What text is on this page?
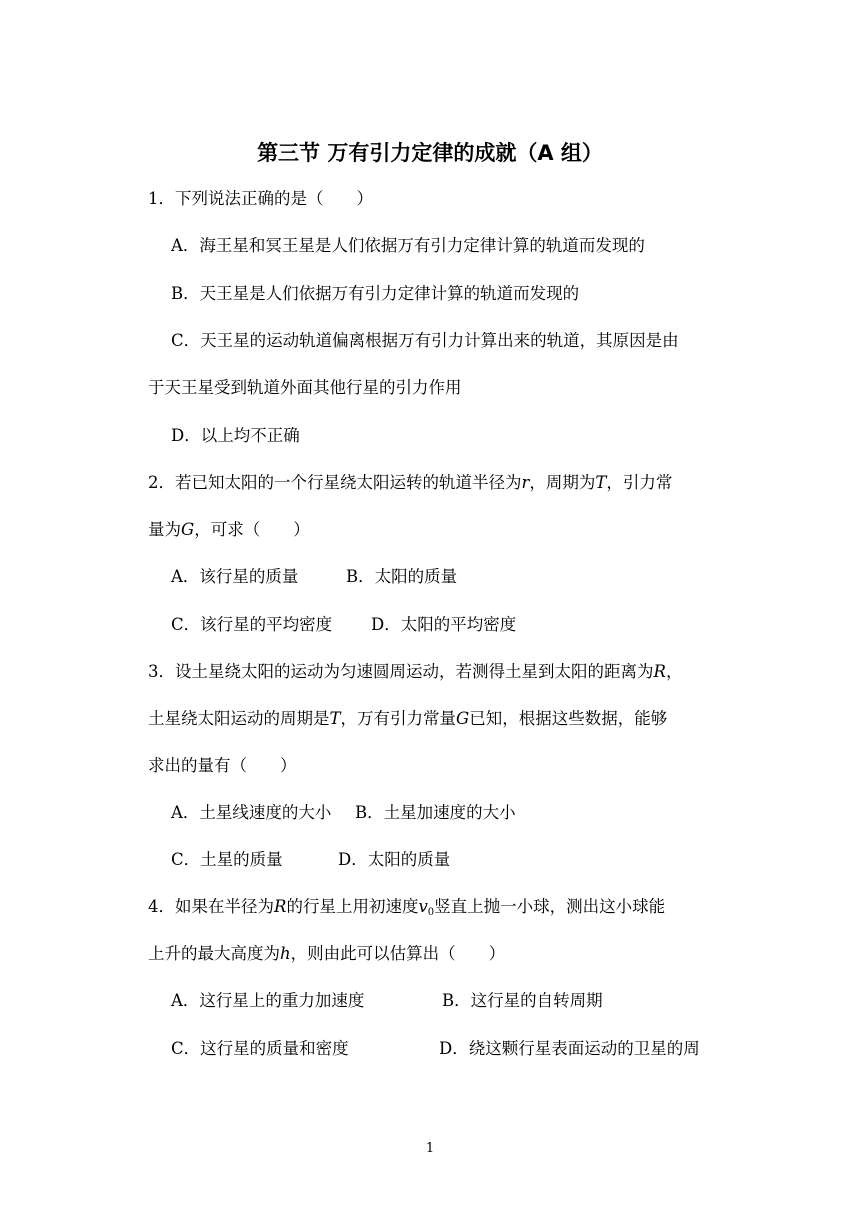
第三节 万有引力定律的成就（A 组）
1．下列说法正确的是（　　）
A．海王星和冥王星是人们依据万有引力定律计算的轨道而发现的
B．天王星是人们依据万有引力定律计算的轨道而发现的
C．天王星的运动轨道偏离根据万有引力计算出来的轨道，其原因是由
于天王星受到轨道外面其他行星的引力作用
D．以上均不正确
2．若已知太阳的一个行星绕太阳运转的轨道半径为r，周期为T，引力常
量为G，可求（　　）
A．该行星的质量	B．太阳的质量
C．该行星的平均密度 D．太阳的平均密度
3．设土星绕太阳的运动为匀速圆周运动，若测得土星到太阳的距离为R，
土星绕太阳运动的周期是T，万有引力常量G已知，根据这些数据，能够
求出的量有（　　）
A．土星线速度的大小 B．土星加速度的大小
C．土星的质量	D．太阳的质量
4．如果在半径为R的行星上用初速度$v_0$竖直上抛一小球，测出这小球能
上升的最大高度为h，则由此可以估算出（　　）
A．这行星上的重力加速度	B．这行星的自转周期
C．这行星的质量和密度	D．绕这颗行星表面运动的卫星的周
1
